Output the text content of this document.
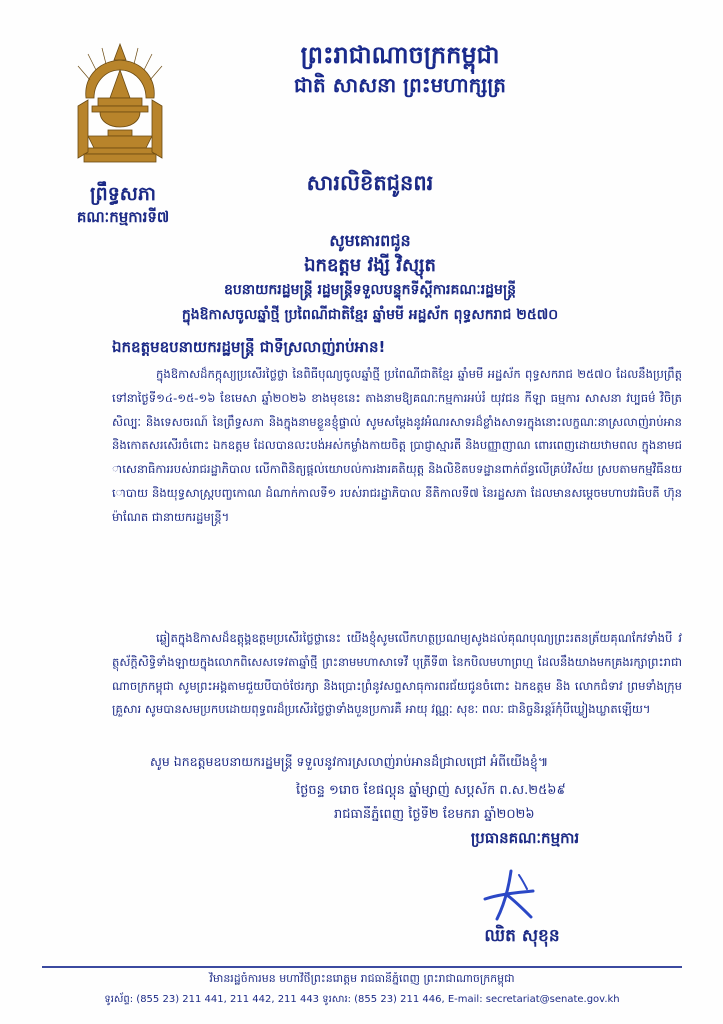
ព្រះរាជាណាចក្រកម្ពុជា
ជាតិ សាសនា ព្រះមហាក្សត្រ
ព្រឹទ្ធសភា
គណៈកម្មការទី៧
សារលិខិតជូនពរ
សូមគោរពជូន
ឯកឧត្តម វង្សី វិស្សុត
ឧបនាយករដ្ឋមន្ត្រី រដ្ឋមន្ត្រីទទួលបន្ទុកទីស្តីការគណៈរដ្ឋមន្ត្រី
ក្នុងឱកាសចូលឆ្នាំថ្មី ប្រពៃណីជាតិខ្មែរ ឆ្នាំមមី អដ្ឋស័ក ពុទ្ធសករាជ ២៥៧០
ឯកឧត្តមឧបនាយករដ្ឋមន្ត្រី ជាទីស្រលាញ់រាប់អាន!
ក្នុងឱកាសដ៏កក្កុស្យប្រសើរថ្លៃថ្លា នៃពិធីបុណ្យចូលឆ្នាំថ្មី ប្រពៃណីជាតិខ្មែរ ឆ្នាំមមី អដ្ឋស័ក ពុទ្ធសករាជ ២៥៧០ ដែលនឹងប្រព្រឹត្តទៅនាថ្ងៃទី១៤-១៥-១៦ ខែមេសា ឆ្នាំ២០២៦ ខាងមុខនេះ តាងនាមឱ្យគណៈកម្មការអប់រំ យុវជន កីឡា ធម្មការ សាសនា វប្បធម៌ វិចិត្រសិល្បៈ និងទេសចរណ៍ នៃព្រឹទ្ធសភា និងក្នុងនាមខ្លួនខ្ញុំផ្ទាល់ សូមសម្តែងនូវអំណរសាទរដ៏ខ្លាំងសាទរក្នុងនោះលក្ខណៈនាស្រលាញ់រាប់អាន និងកោតសរសើរចំពោះ ឯកឧត្តម ដែលបានលះបង់អស់កម្លាំងកាយចិត្ត ប្រាជ្ញាស្មារតី និងបញ្ញាញាណ ពោរពេញដោយឋាមពល ក្នុងនាមជាសេនាធិការរបស់រាជរដ្ឋាភិបាល លើកាពិនិត្យផ្តល់យោបល់ការងារគតិយុត្ត និងលិខិតបទដ្ឋានពាក់ព័ន្ធលើគ្រប់វិស័យ ស្របតាមកម្មវិធីនយោបាយ និងយុទ្ធសាស្ត្របញ្ចកោណ ដំណាក់កាលទី១ របស់រាជរដ្ឋាភិបាល នីតិកាលទី៧ នៃរដ្ឋសភា ដែលមានសម្តេចមហាបវរធិបតី ហ៊ុន ម៉ាណែត ជានាយករដ្ឋមន្ត្រី។
ឆ្លៀតក្នុងឱកាសដ៏ឧត្តុង្គឧត្តមប្រសើរថ្លៃថ្លានេះ យើងខ្ញុំសូមលើកហត្ថប្រណម្យសូងដល់គុណបុណ្យព្រះរតនត្រ័យគុណកែវទាំងបី វត្ថុស័ក្តិសិទ្ធិទាំងឡាយក្នុងលោកពិសេសទេវតាឆ្នាំថ្មី ព្រះនាមមហាសាទេវី បុត្រីទី៣ នៃកបិលមហាព្រហ្ម ដែលនឹងយាងមកគ្រងរក្សាព្រះរាជាណាចក្រកម្ពុជា សូមព្រះអង្គតាមជួយបីបាច់ថែរក្សា និងប្រោះព្រំនូវសព្ទសាធុការពរជ័យជូនចំពោះ ឯកឧត្តម និង លោកជំទាវ ព្រមទាំងក្រុមគ្រួសារ សូមបានសមប្រកបដោយពុទ្ធពរដ៏ប្រសើរថ្លៃថ្លាទាំងបួនប្រការគឺ អាយុ វណ្ណៈ សុខៈ ពលៈ ជានិច្ចនិរន្តរ៍កុំបីឃ្លៀងឃ្លាតឡើយ។
សូម ឯកឧត្តមឧបនាយករដ្ឋមន្ត្រី ទទួលនូវការស្រលាញ់រាប់អានដ៏ជ្រាលជ្រៅ អំពីយើងខ្ញុំ៕
ថ្ងៃចន្ទ ១រោច ខែផល្គុន ឆ្នាំម្សាញ់ សប្តស័ក ព.ស.២៥៦៩
រាជធានីភ្នំពេញ ថ្ងៃទី២ ខែមករា ឆ្នាំ២០២៦
ប្រធានគណៈកម្មការ
ឈិត សុខុន
វិមានរដ្ឋចំការមន មហាវិថីព្រះនរោត្តម រាជធានីភ្នំពេញ ព្រះរាជាណាចក្រកម្ពុជា
ទូរស័ព្ទ: (855 23) 211 441, 211 442, 211 443 ទូរសារ: (855 23) 211 446, E-mail: secretariat@senate.gov.kh
